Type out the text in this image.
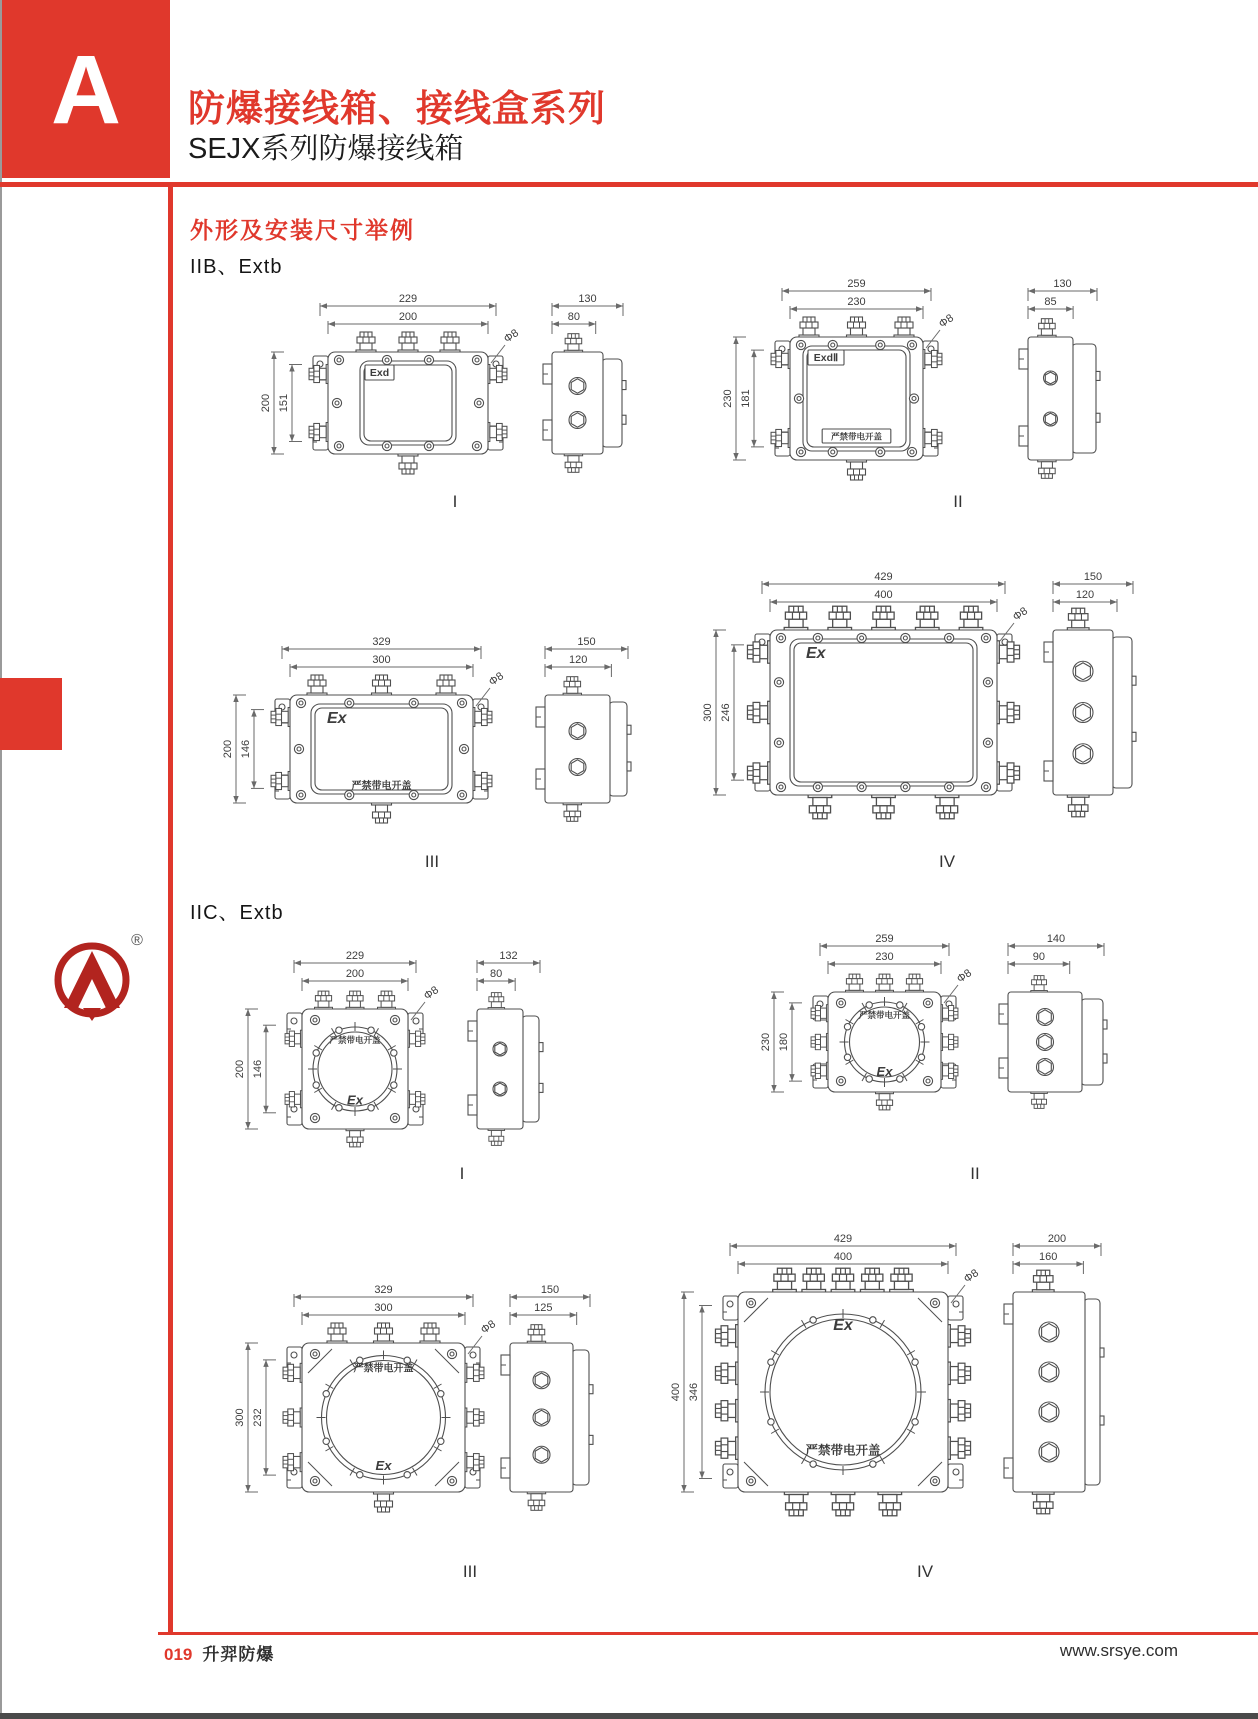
A 防爆接线箱、接线盒系列
SEJX系列防爆接线箱
外形及安装尺寸举例
IIB、Extb
IIC、Extb
®
Exd
229
200
200 151
Φ8
130
80
ExdⅡ
严禁带电开盖
259
230
230 181
Φ8
130
85
Ex
严禁带电开盖
329
300
200 146
Φ8
150
120	Ex
429
400
300 246
Φ8
150
120
Ex
严禁带电开盖
229
200
200 146
Φ8
132
80
Ex
严禁带电开盖
259
230
230 180
Φ8
140
90
Ex
严禁带电开盖
329
300
300 232
Φ8
150
125
Ex
严禁带电开盖
429
400
400 346
Φ8
200
160
I	II
III	IV
I	II
III	IV
019 升羿防爆	www.srsye.com
